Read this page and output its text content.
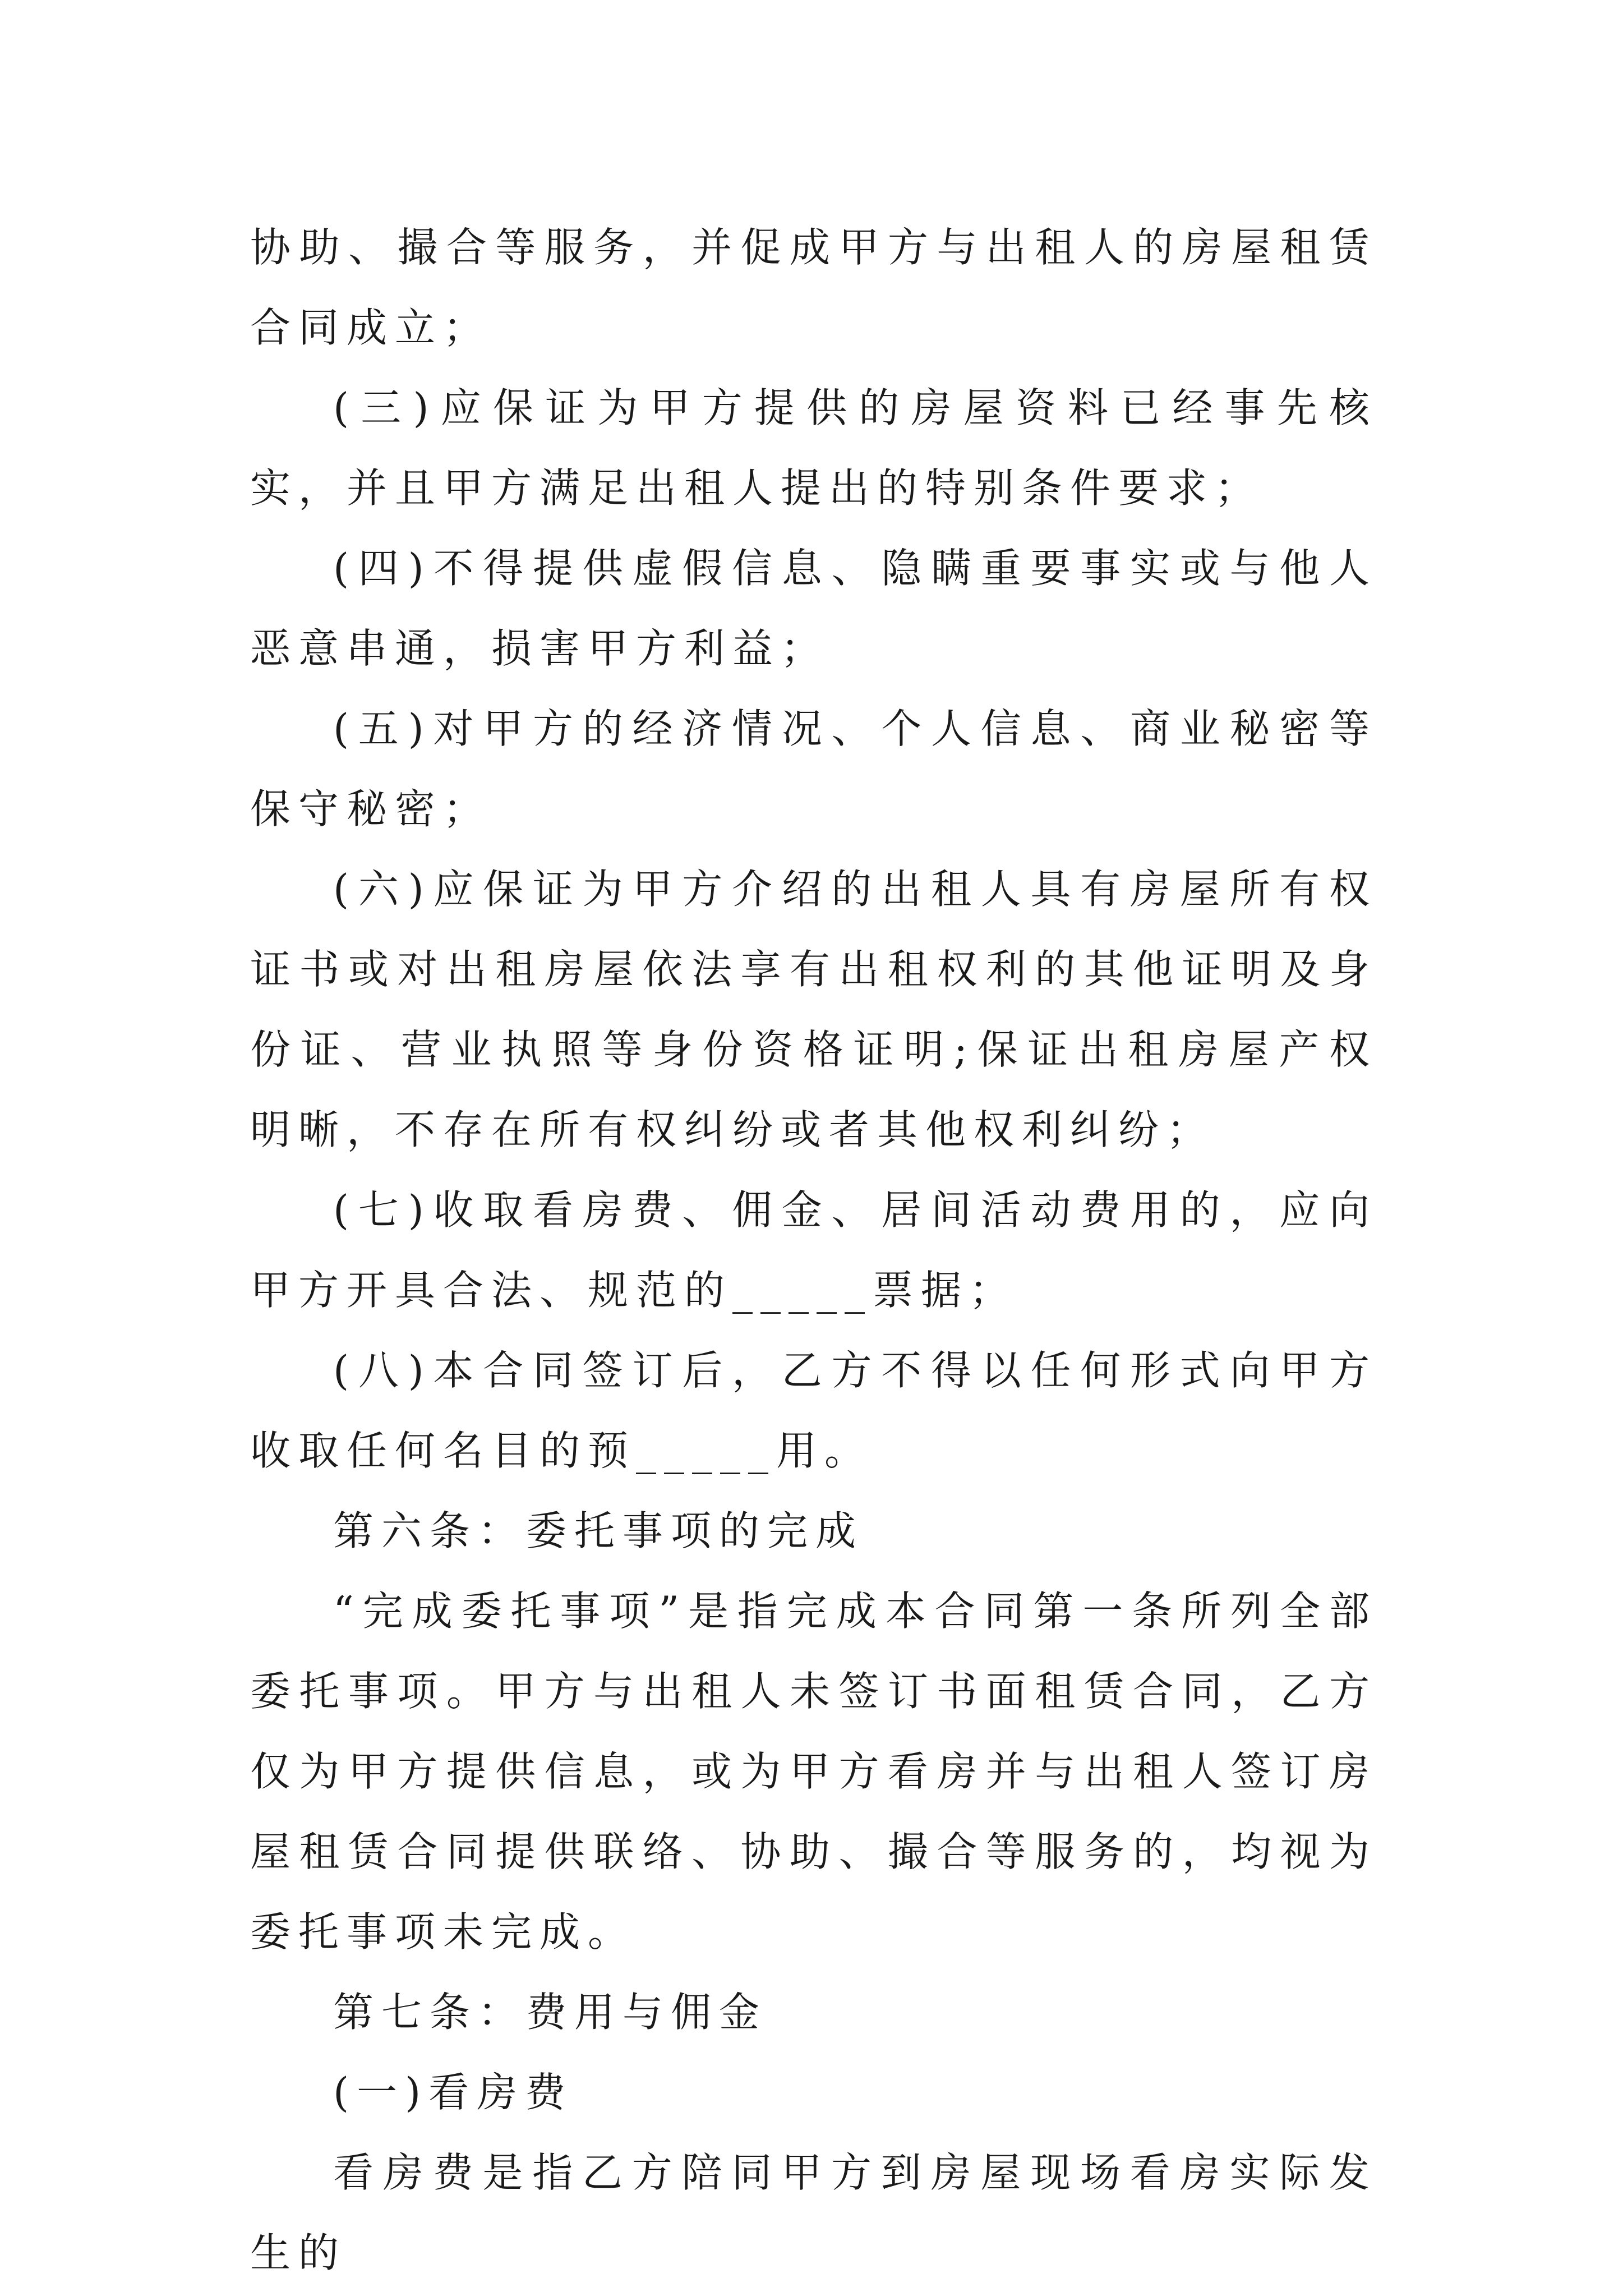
协助、撮合等服务，并促成甲方与出租人的房屋租赁合同成立；

(三)应保证为甲方提供的房屋资料已经事先核实，并且甲方满足出租人提出的特别条件要求；

(四)不得提供虚假信息、隐瞒重要事实或与他人恶意串通，损害甲方利益；

(五)对甲方的经济情况、个人信息、商业秘密等保守秘密；

(六)应保证为甲方介绍的出租人具有房屋所有权证书或对出租房屋依法享有出租权利的其他证明及身份证、营业执照等身份资格证明;保证出租房屋产权明晰，不存在所有权纠纷或者其他权利纠纷；

(七)收取看房费、佣金、居间活动费用的，应向甲方开具合法、规范的_____票据；

(八)本合同签订后，乙方不得以任何形式向甲方收取任何名目的预_____用。

第六条：委托事项的完成

“完成委托事项”是指完成本合同第一条所列全部委托事项。甲方与出租人未签订书面租赁合同，乙方仅为甲方提供信息，或为甲方看房并与出租人签订房屋租赁合同提供联络、协助、撮合等服务的，均视为委托事项未完成。

第七条：费用与佣金

(一)看房费

看房费是指乙方陪同甲方到房屋现场看房实际发生的
